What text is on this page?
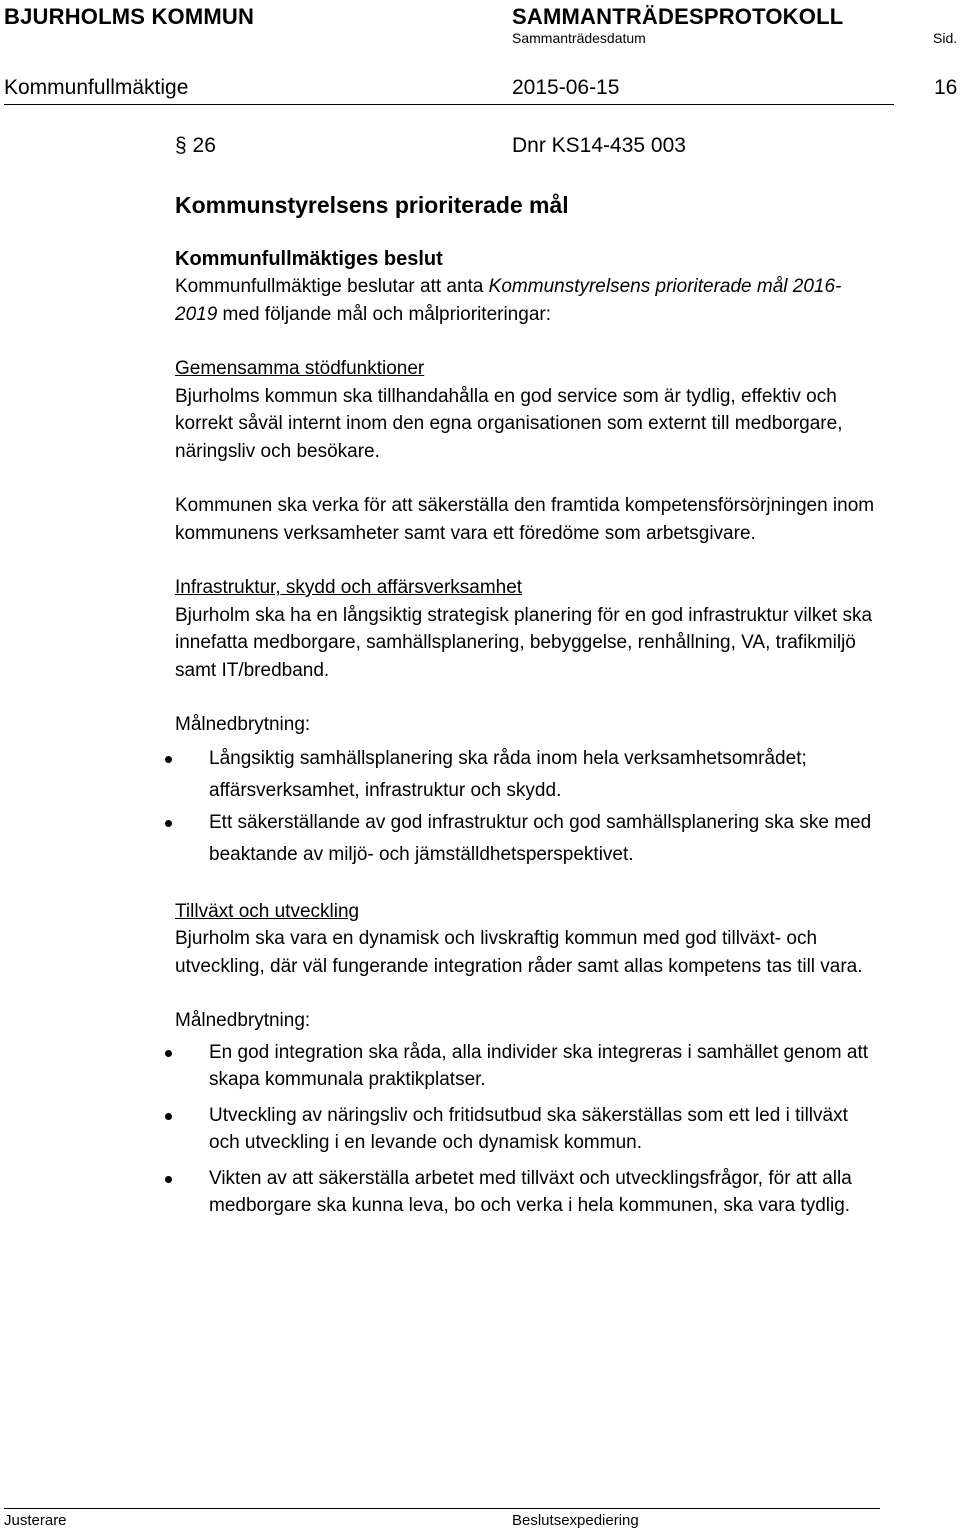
BJURHOLMS KOMMUN	SAMMANTRÄDESPROTOKOLL
Sammanträdesdatum	Sid.
Kommunfullmäktige	2015-06-15	16
§ 26	Dnr KS14-435 003
Kommunstyrelsens prioriterade mål
Kommunfullmäktiges beslut

Kommunfullmäktige beslutar att anta Kommunstyrelsens prioriterade mål 2016-2019 med följande mål och målprioriteringar:

Gemensamma stödfunktioner

Bjurholms kommun ska tillhandahålla en god service som är tydlig, effektiv och korrekt såväl internt inom den egna organisationen som externt till medborgare, näringsliv och besökare.

Kommunen ska verka för att säkerställa den framtida kompetensförsörjningen inom kommunens verksamheter samt vara ett föredöme som arbetsgivare.

Infrastruktur, skydd och affärsverksamhet

Bjurholm ska ha en långsiktig strategisk planering för en god infrastruktur vilket ska innefatta medborgare, samhällsplanering, bebyggelse, renhållning, VA, trafikmiljö samt IT/bredband.

Målnedbrytning:
Långsiktig samhällsplanering ska råda inom hela verksamhetsområdet; affärsverksamhet, infrastruktur och skydd.
Ett säkerställande av god infrastruktur och god samhällsplanering ska ske med beaktande av miljö- och jämställdhetsperspektivet.
Tillväxt och utveckling

Bjurholm ska vara en dynamisk och livskraftig kommun med god tillväxt- och utveckling, där väl fungerande integration råder samt allas kompetens tas till vara.

Målnedbrytning:
En god integration ska råda, alla individer ska integreras i samhället genom att skapa kommunala praktikplatser.
Utveckling av näringsliv och fritidsutbud ska säkerställas som ett led i tillväxt och utveckling i en levande och dynamisk kommun.
Vikten av att säkerställa arbetet med tillväxt och utvecklingsfrågor, för att alla medborgare ska kunna leva, bo och verka i hela kommunen, ska vara tydlig.
Justerare	Beslutsexpediering
